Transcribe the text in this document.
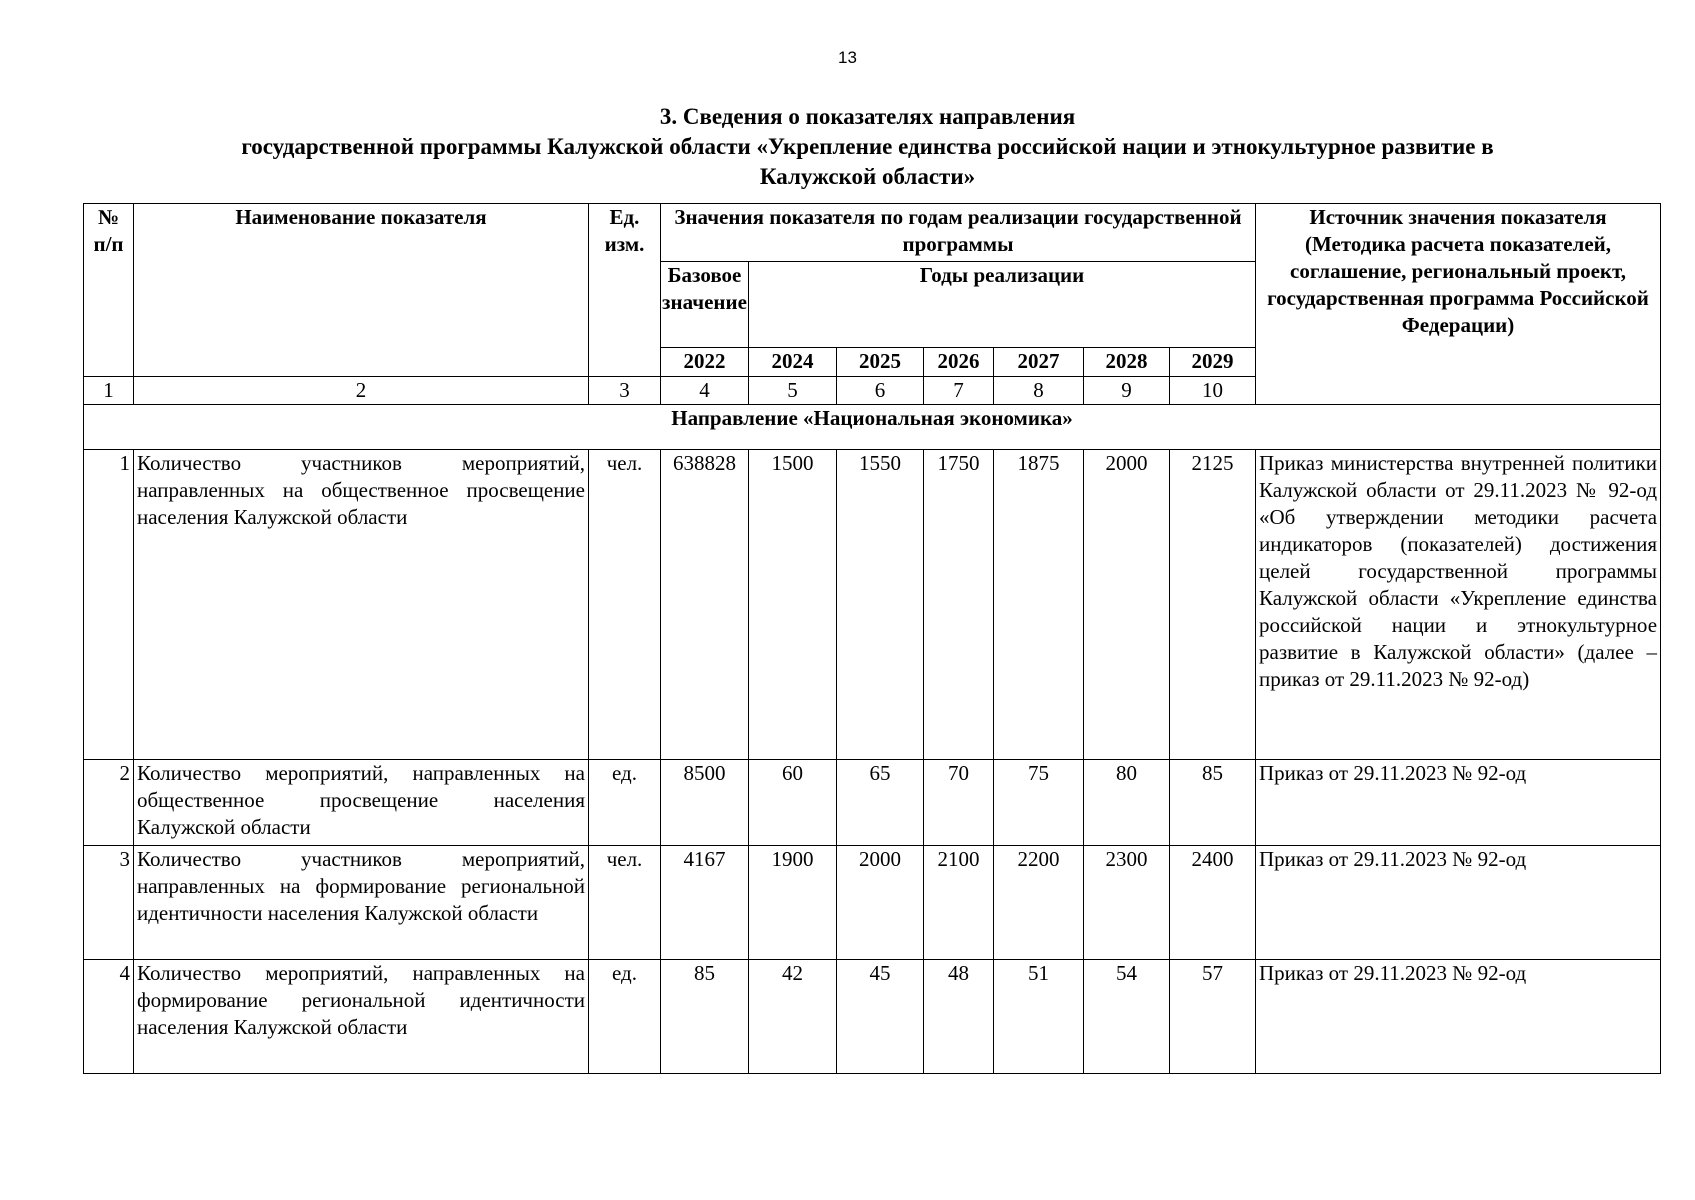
13
3. Сведения о показателях направления
государственной программы Калужской области «Укрепление единства российской нации и этнокультурное развитие в
Калужской области»
№ п/п	Наименование показателя	Ед. изм.	Значения показателя по годам реализации государственной программы							Источник значения показателя (Методика расчета показателей, соглашение, региональный проект, государственная программа Российской Федерации)
			Базовое значение	Годы реализации						
			2022	2024	2025	2026	2027	2028	2029	
1	2	3	4	5	6	7	8	9	10	
Направление «Национальная экономика»										
1	Количество участников мероприятий, направленных на общественное просвещение населения Калужской области	чел.	638828	1500	1550	1750	1875	2000	2125	Приказ министерства внутренней политики Калужской области от 29.11.2023 № 92-од «Об утверждении методики расчета индикаторов (показателей) достижения целей государственной программы Калужской области «Укрепление единства российской нации и этнокультурное развитие в Калужской области» (далее – приказ от 29.11.2023 № 92-од)
2	Количество мероприятий, направленных на общественное просвещение населения Калужской области	ед.	8500	60	65	70	75	80	85	Приказ от 29.11.2023 № 92-од
3	Количество участников мероприятий, направленных на формирование региональной идентичности населения Калужской области	чел.	4167	1900	2000	2100	2200	2300	2400	Приказ от 29.11.2023 № 92-од
4	Количество мероприятий, направленных на формирование региональной идентичности населения Калужской области	ед.	85	42	45	48	51	54	57	Приказ от 29.11.2023 № 92-од
